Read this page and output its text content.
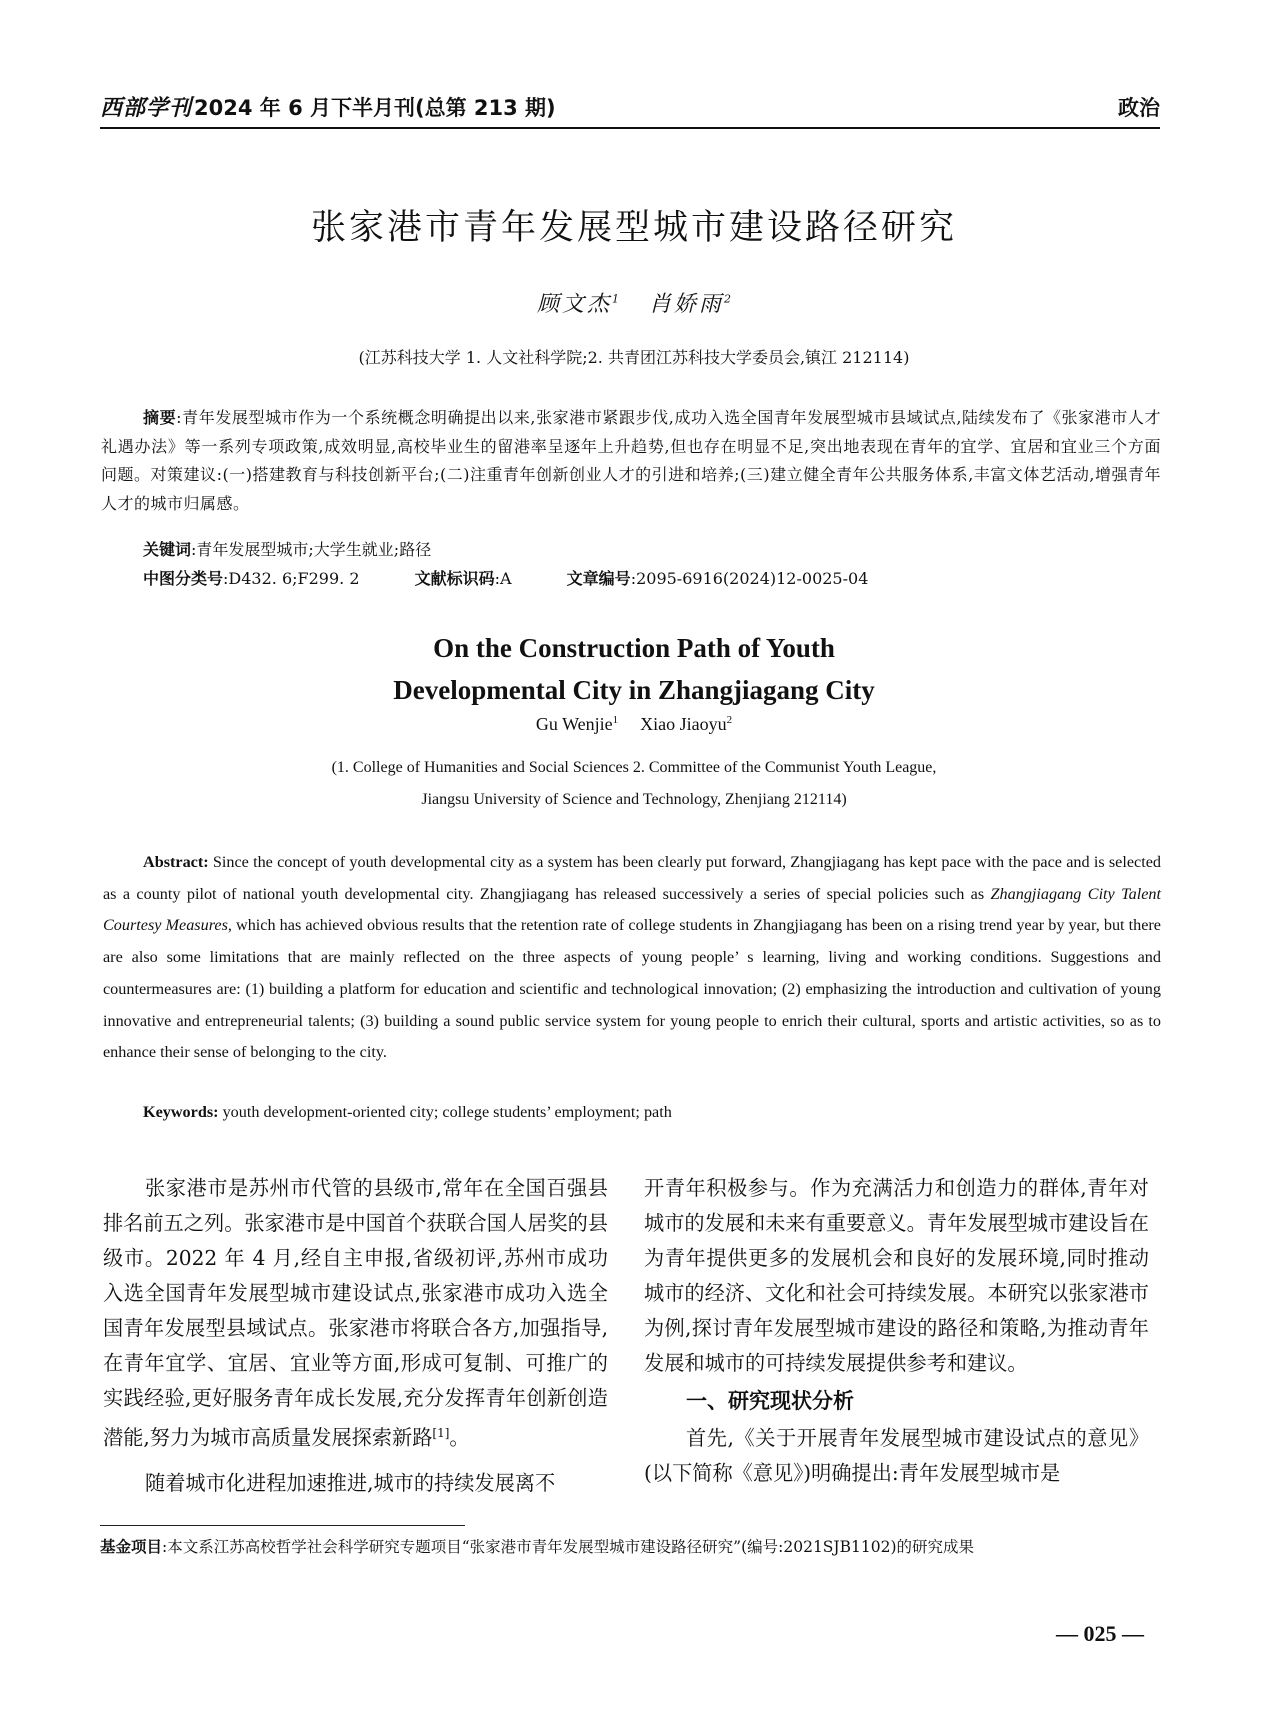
西部学刊 2024 年 6 月下半月刊(总第 213 期)	政治
张家港市青年发展型城市建设路径研究
顾文杰$^1$ 肖娇雨$^2$
(江苏科技大学 1. 人文社科学院;2. 共青团江苏科技大学委员会,镇江 212114)
摘要:青年发展型城市作为一个系统概念明确提出以来,张家港市紧跟步伐,成功入选全国青年发展型城市县域试点,陆续发布了《张家港市人才礼遇办法》等一系列专项政策,成效明显,高校毕业生的留港率呈逐年上升趋势,但也存在明显不足,突出地表现在青年的宜学、宜居和宜业三个方面问题。对策建议:(一)搭建教育与科技创新平台;(二)注重青年创新创业人才的引进和培养;(三)建立健全青年公共服务体系,丰富文体艺活动,增强青年人才的城市归属感。
关键词:青年发展型城市;大学生就业;路径
中图分类号:D432. 6;F299. 2	文献标识码:A	文章编号:2095-6916(2024)12-0025-04
On the Construction Path of Youth
Developmental City in Zhangjiagang City
Gu Wenjie$^1$ Xiao Jiaoyu$^2$
(1. College of Humanities and Social Sciences 2. Committee of the Communist Youth League,
Jiangsu University of Science and Technology, Zhenjiang 212114)
Abstract: Since the concept of youth developmental city as a system has been clearly put forward, Zhangjiagang has kept pace with the pace and is selected as a county pilot of national youth developmental city. Zhangjiagang has released successively a series of special policies such as Zhangjiagang City Talent Courtesy Measures, which has achieved obvious results that the retention rate of college students in Zhangjiagang has been on a rising trend year by year, but there are also some limitations that are mainly reflected on the three aspects of young people’ s learning, living and working conditions. Suggestions and countermeasures are: (1) building a platform for education and scientific and technological innovation; (2) emphasizing the introduction and cultivation of young innovative and entrepreneurial talents; (3) building a sound public service system for young people to enrich their cultural, sports and artistic activities, so as to enhance their sense of belonging to the city.
Keywords: youth development-oriented city; college students’ employment; path

张家港市是苏州市代管的县级市,常年在全国百强县排名前五之列。张家港市是中国首个获联合国人居奖的县级市。2022 年 4 月,经自主申报,省级初评,苏州市成功入选全国青年发展型城市建设试点,张家港市成功入选全国青年发展型县域试点。张家港市将联合各方,加强指导,在青年宜学、宜居、宜业等方面,形成可复制、可推广的实践经验,更好服务青年成长发展,充分发挥青年创新创造潜能,努力为城市高质量发展探索新路[1]。

随着城市化进程加速推进,城市的持续发展离不

开青年积极参与。作为充满活力和创造力的群体,青年对城市的发展和未来有重要意义。青年发展型城市建设旨在为青年提供更多的发展机会和良好的发展环境,同时推动城市的经济、文化和社会可持续发展。本研究以张家港市为例,探讨青年发展型城市建设的路径和策略,为推动青年发展和城市的可持续发展提供参考和建议。

一、研究现状分析

首先,《关于开展青年发展型城市建设试点的意见》(以下简称《意见》)明确提出:青年发展型城市是

基金项目:本文系江苏高校哲学社会科学研究专题项目“张家港市青年发展型城市建设路径研究”(编号:2021SJB1102)的研究成果
— 025 —
